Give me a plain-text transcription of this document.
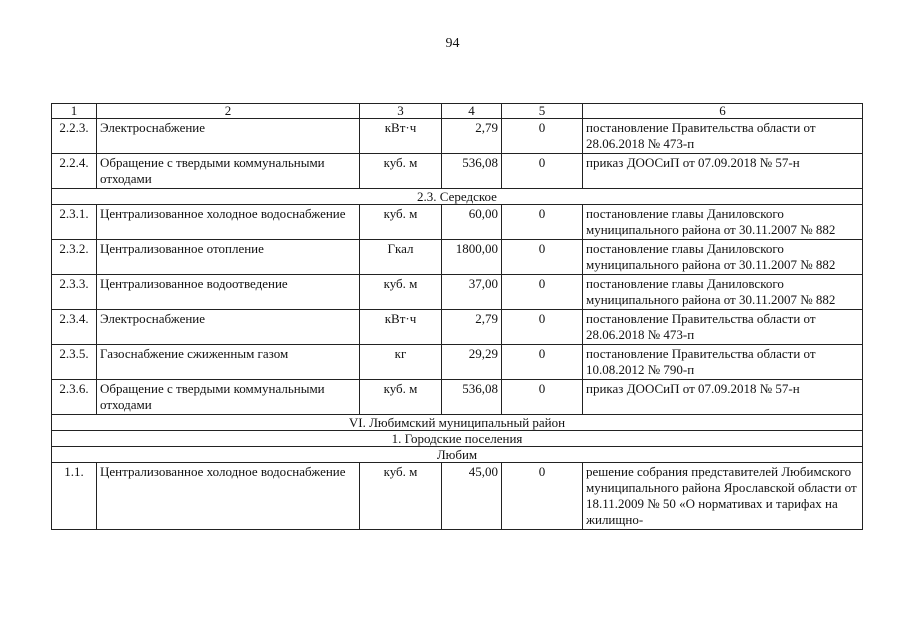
94
1	2	3	4	5	6
2.2.3.	Электроснабжение	кВт·ч	2,79	0	постановление Правительства области от 28.06.2018 № 473-п
2.2.4.	Обращение с твердыми коммунальными отходами	куб. м	536,08	0	приказ ДООСиП от 07.09.2018 № 57-н
2.3. Середское					
2.3.1.	Централизованное холодное водоснабжение	куб. м	60,00	0	постановление главы Даниловского муниципального района от 30.11.2007 № 882
2.3.2.	Централизованное отопление	Гкал	1800,00	0	постановление главы Даниловского муниципального района от 30.11.2007 № 882
2.3.3.	Централизованное водоотведение	куб. м	37,00	0	постановление главы Даниловского муниципального района от 30.11.2007 № 882
2.3.4.	Электроснабжение	кВт·ч	2,79	0	постановление Правительства области от 28.06.2018 № 473-п
2.3.5.	Газоснабжение сжиженным газом	кг	29,29	0	постановление Правительства области от 10.08.2012 № 790-п
2.3.6.	Обращение с твердыми коммунальными отходами	куб. м	536,08	0	приказ ДООСиП от 07.09.2018 № 57-н
VI. Любимский муниципальный район					
1. Городские поселения					
Любим					
1.1.	Централизованное холодное водоснабжение	куб. м	45,00	0	решение собрания представителей Любимского муниципального района Ярославской области от 18.11.2009 № 50 «О нормативах и тарифах на жилищно-
